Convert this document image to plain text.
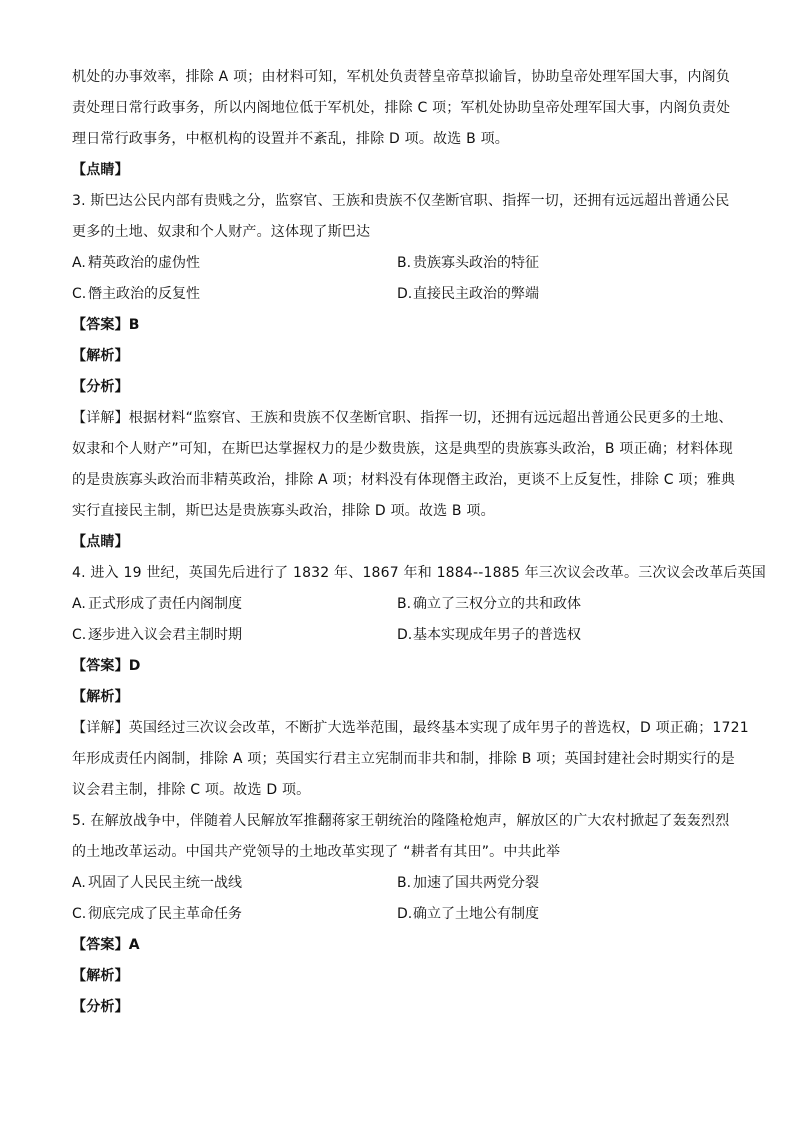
机处的办事效率，排除 A 项；由材料可知，军机处负责替皇帝草拟谕旨，协助皇帝处理军国大事，内阁负
责处理日常行政事务，所以内阁地位低于军机处，排除 C 项；军机处协助皇帝处理军国大事，内阁负责处
理日常行政事务，中枢机构的设置并不紊乱，排除 D 项。故选 B 项。
【点睛】
3. 斯巴达公民内部有贵贱之分，监察官、王族和贵族不仅垄断官职、指挥一切，还拥有远远超出普通公民
更多的土地、奴隶和个人财产。这体现了斯巴达
A. 精英政治的虚伪性	B. 贵族寡头政治的特征
C. 僭主政治的反复性	D.直接民主政治的弊端
【答案】B
【解析】
【分析】
【详解】根据材料“监察官、王族和贵族不仅垄断官职、指挥一切，还拥有远远超出普通公民更多的土地、
奴隶和个人财产”可知，在斯巴达掌握权力的是少数贵族，这是典型的贵族寡头政治，B 项正确；材料体现
的是贵族寡头政治而非精英政治，排除 A 项；材料没有体现僭主政治，更谈不上反复性，排除 C 项；雅典
实行直接民主制，斯巴达是贵族寡头政治，排除 D 项。故选 B 项。
【点睛】
4. 进入 19 世纪，英国先后进行了 1832 年、1867 年和 1884--1885 年三次议会改革。三次议会改革后英国
A. 正式形成了责任内阁制度	B. 确立了三权分立的共和政体
C. 逐步进入议会君主制时期	D.基本实现成年男子的普选权
【答案】D
【解析】
【详解】英国经过三次议会改革，不断扩大选举范围，最终基本实现了成年男子的普选权，D 项正确；1721
年形成责任内阁制，排除 A 项；英国实行君主立宪制而非共和制，排除 B 项；英国封建社会时期实行的是
议会君主制，排除 C 项。故选 D 项。
5. 在解放战争中，伴随着人民解放军推翻蒋家王朝统治的隆隆枪炮声，解放区的广大农村掀起了轰轰烈烈
的土地改革运动。中国共产党领导的土地改革实现了 “耕者有其田”。中共此举
A. 巩固了人民民主统一战线	B. 加速了国共两党分裂
C. 彻底完成了民主革命任务	D.确立了土地公有制度
【答案】A
【解析】
【分析】
